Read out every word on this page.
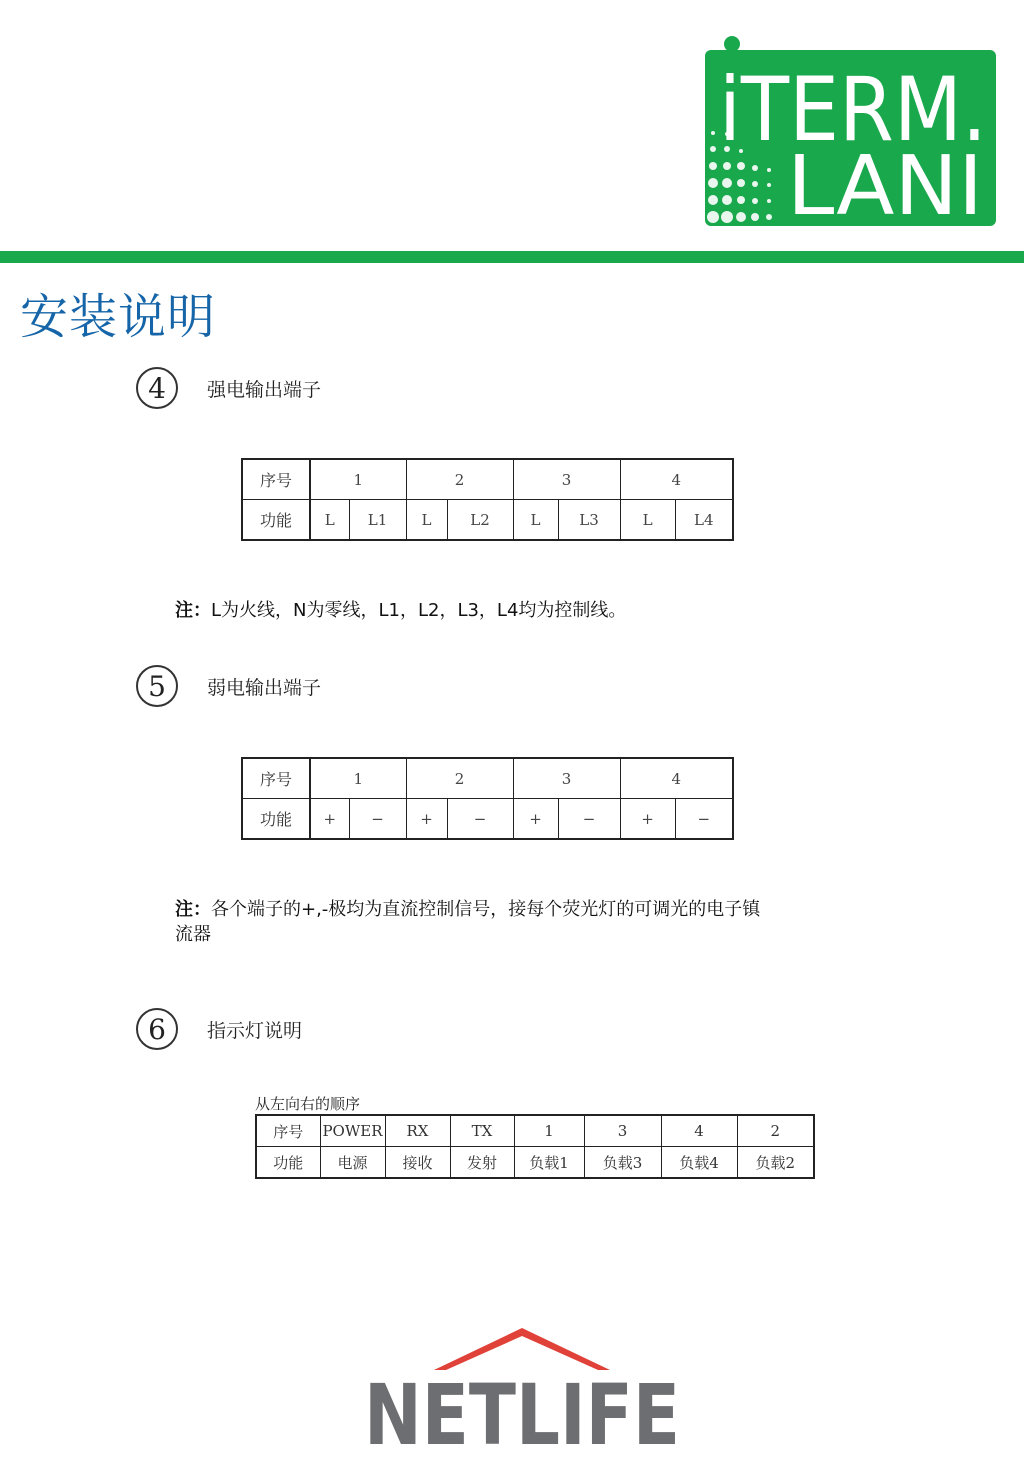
iTERM.
LANI
安装说明
4	强电输出端子
序号	1		2		3		4	
功能	L	L1	L	L2	L	L3	L	L4
注：L为火线，N为零线，L1，L2，L3，L4均为控制线。
5	弱电输出端子
序号	1		2		3		4	
功能	+	−	+	−	+	−	+	−
注：各个端子的+,-极均为直流控制信号，接每个荧光灯的可调光的电子镇
流器
6	指示灯说明
从左向右的顺序
序号	POWER	RX	TX	1	3	4	2
功能	电源	接收	发射	负载1	负载3	负载4	负载2
NETLIFE
